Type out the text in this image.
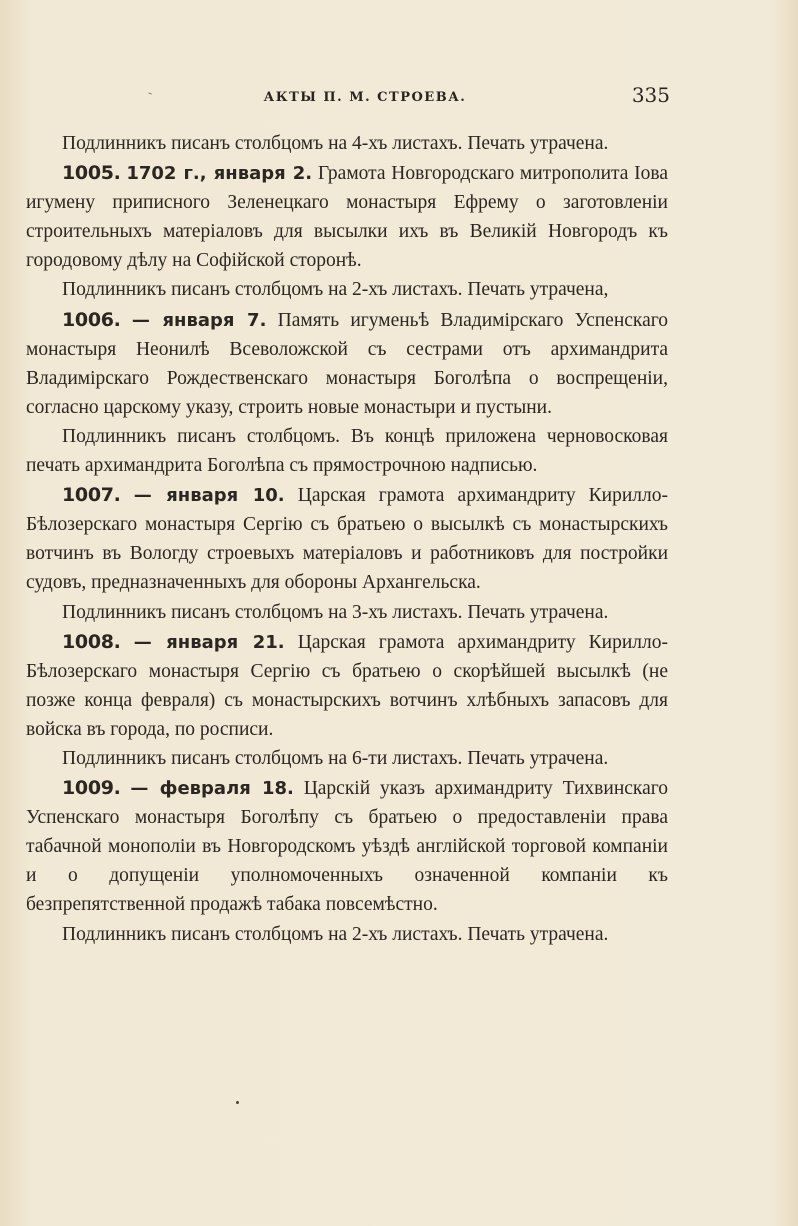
-	АКТЫ П. М. СТРОЕВА.	335

Подлинникъ писанъ столбцомъ на 4-хъ листахъ. Печать утрачена.

1005. 1702 г., января 2. Грамота Новгородскаго митрополита Іова игумену приписного Зеленецкаго монастыря Ефрему о заготовленіи строительныхъ матеріаловъ для высылки ихъ въ Великій Новгородъ къ городовому дѣлу на Софійской сторонѣ.

Подлинникъ писанъ столбцомъ на 2-хъ листахъ. Печать утрачена,

1006. — января 7. Память игуменьѣ Владимірскаго Успенскаго монастыря Неонилѣ Всеволожской съ сестрами отъ архимандрита Владимірскаго Рождественскаго монастыря Боголѣпа о воспрещеніи, согласно царскому указу, строить новые монастыри и пустыни.

Подлинникъ писанъ столбцомъ. Въ концѣ приложена черновосковая печать архимандрита Боголѣпа съ прямострочною надписью.

1007. — января 10. Царская грамота архимандриту Кирилло-Бѣлозерскаго монастыря Сергію съ братьею о высылкѣ съ монастырскихъ вотчинъ въ Вологду строевыхъ матеріаловъ и работниковъ для постройки судовъ, предназначенныхъ для обороны Архангельска.

Подлинникъ писанъ столбцомъ на 3-хъ листахъ. Печать утрачена.

1008. — января 21. Царская грамота архимандриту Кирилло-Бѣлозерскаго монастыря Сергію съ братьею о скорѣйшей высылкѣ (не позже конца февраля) съ монастырскихъ вотчинъ хлѣбныхъ запасовъ для войска въ города, по росписи.

Подлинникъ писанъ столбцомъ на 6-ти листахъ. Печать утрачена.

1009. — февраля 18. Царскій указъ архимандриту Тихвинскаго Успенскаго монастыря Боголѣпу съ братьею о предоставленіи права табачной монополіи въ Новгородскомъ уѣздѣ англійской торговой компаніи и о допущеніи уполномоченныхъ означенной компаніи къ безпрепятственной продажѣ табака повсемѣстно.

Подлинникъ писанъ столбцомъ на 2-хъ листахъ. Печать утрачена.
